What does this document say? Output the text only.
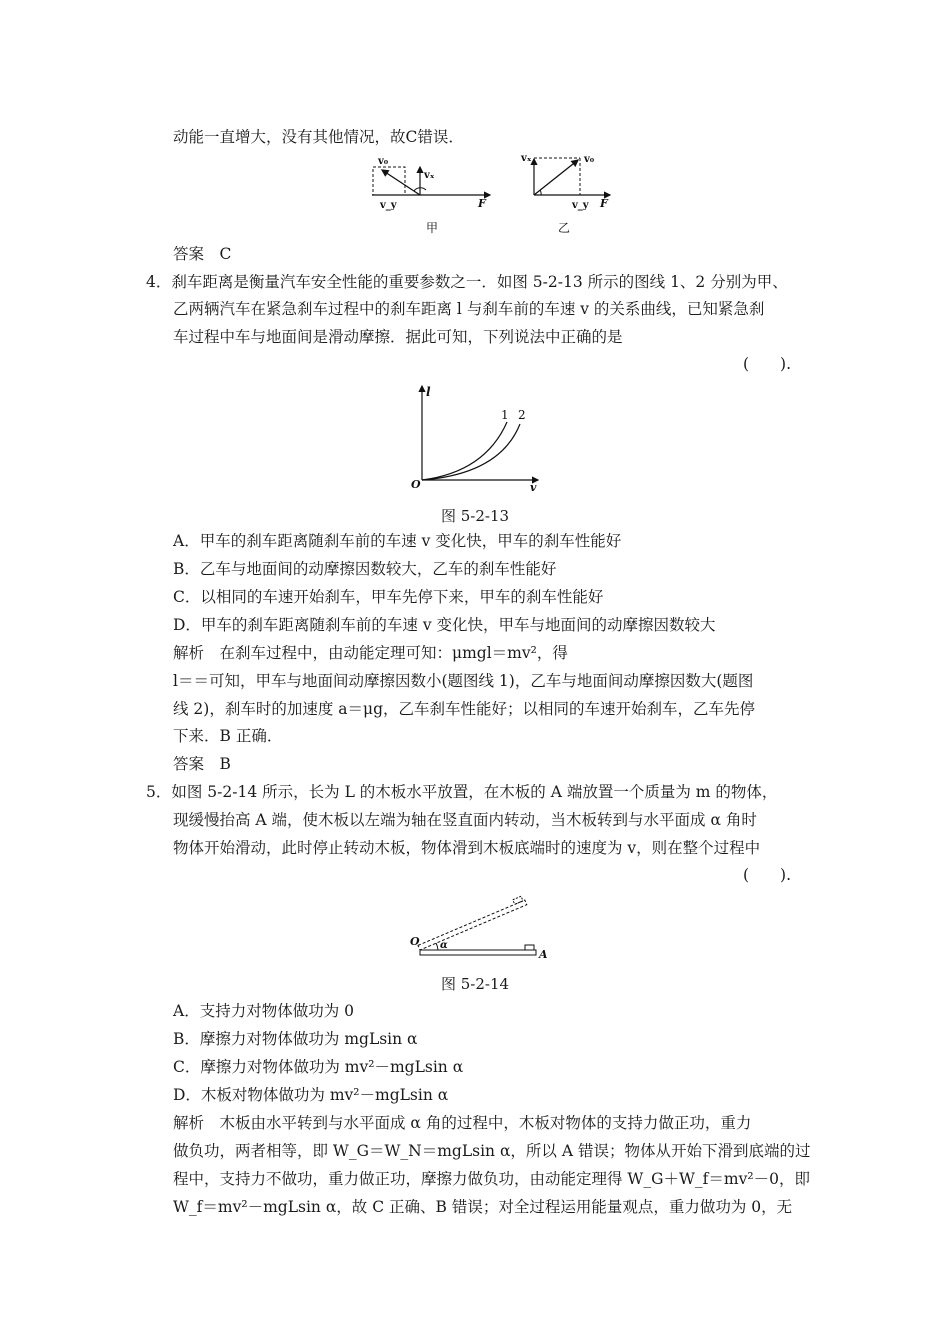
动能一直增大，没有其他情况，故C错误．
v₀
vₓ
v_y	F
甲
vₓ	v₀
v_y F
乙
答案　C
4．刹车距离是衡量汽车安全性能的重要参数之一．如图 5-2-13 所示的图线 1、2 分别为甲、
乙两辆汽车在紧急刹车过程中的刹车距离 l 与刹车前的车速 v 的关系曲线，已知紧急刹
车过程中车与地面间是滑动摩擦．据此可知，下列说法中正确的是
(　　).
l
O	v
1 2
图 5-2-13
A．甲车的刹车距离随刹车前的车速 v 变化快，甲车的刹车性能好
B．乙车与地面间的动摩擦因数较大，乙车的刹车性能好
C．以相同的车速开始刹车，甲车先停下来，甲车的刹车性能好
D．甲车的刹车距离随刹车前的车速 v 变化快，甲车与地面间的动摩擦因数较大
解析　在刹车过程中，由动能定理可知：μmgl＝mv²，得
l＝＝可知，甲车与地面间动摩擦因数小(题图线 1)，乙车与地面间动摩擦因数大(题图
线 2)，刹车时的加速度 a＝μg，乙车刹车性能好；以相同的车速开始刹车，乙车先停
下来．B 正确．
答案　B
5．如图 5-2-14 所示，长为 L 的木板水平放置，在木板的 A 端放置一个质量为 m 的物体，
现缓慢抬高 A 端，使木板以左端为轴在竖直面内转动，当木板转到与水平面成 α 角时
物体开始滑动，此时停止转动木板，物体滑到木板底端时的速度为 v，则在整个过程中
(　　).
O α
A
图 5-2-14
A．支持力对物体做功为 0
B．摩擦力对物体做功为 mgLsin α
C．摩擦力对物体做功为 mv²－mgLsin α
D．木板对物体做功为 mv²－mgLsin α
解析　木板由水平转到与水平面成 α 角的过程中，木板对物体的支持力做正功，重力
做负功，两者相等，即 W_G＝W_N＝mgLsin α，所以 A 错误；物体从开始下滑到底端的过
程中，支持力不做功，重力做正功，摩擦力做负功，由动能定理得 W_G＋W_f＝mv²－0，即
W_f＝mv²－mgLsin α，故 C 正确、B 错误；对全过程运用能量观点，重力做功为 0，无
